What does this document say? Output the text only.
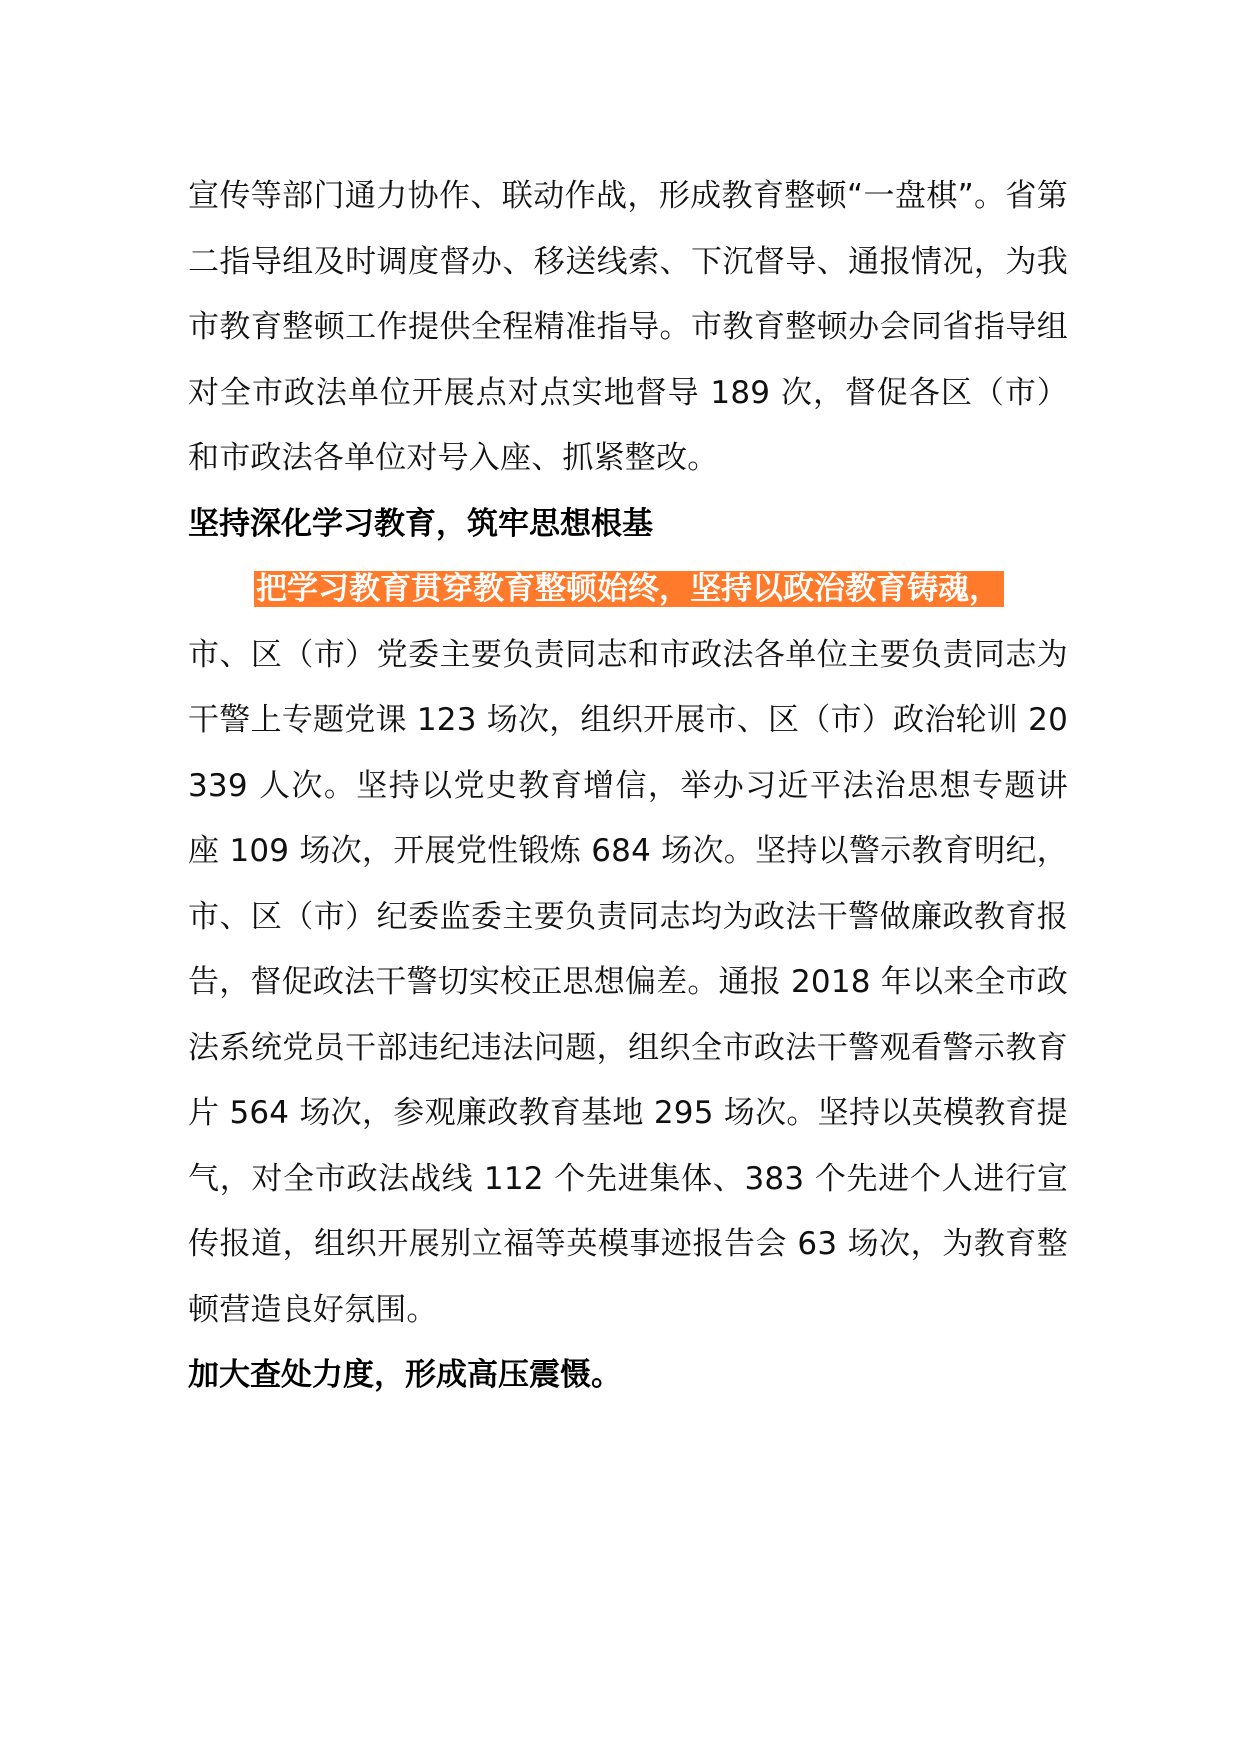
宣传等部门通力协作、联动作战，形成教育整顿“一盘棋”。省第二指导组及时调度督办、移送线索、下沉督导、通报情况，为我市教育整顿工作提供全程精准指导。市教育整顿办会同省指导组对全市政法单位开展点对点实地督导 189 次，督促各区（市）和市政法各单位对号入座、抓紧整改。

坚持深化学习教育，筑牢思想根基
把学习教育贯穿教育整顿始终，坚持以政治教育铸魂，

市、区（市）党委主要负责同志和市政法各单位主要负责同志为干警上专题党课 123 场次，组织开展市、区（市）政治轮训 20339 人次。坚持以党史教育增信，举办习近平法治思想专题讲座 109 场次，开展党性锻炼 684 场次。坚持以警示教育明纪，市、区（市）纪委监委主要负责同志均为政法干警做廉政教育报告，督促政法干警切实校正思想偏差。通报 2018 年以来全市政法系统党员干部违纪违法问题，组织全市政法干警观看警示教育片 564 场次，参观廉政教育基地 295 场次。坚持以英模教育提气，对全市政法战线 112 个先进集体、383 个先进个人进行宣传报道，组织开展别立福等英模事迹报告会 63 场次，为教育整顿营造良好氛围。

加大查处力度，形成高压震慑。
